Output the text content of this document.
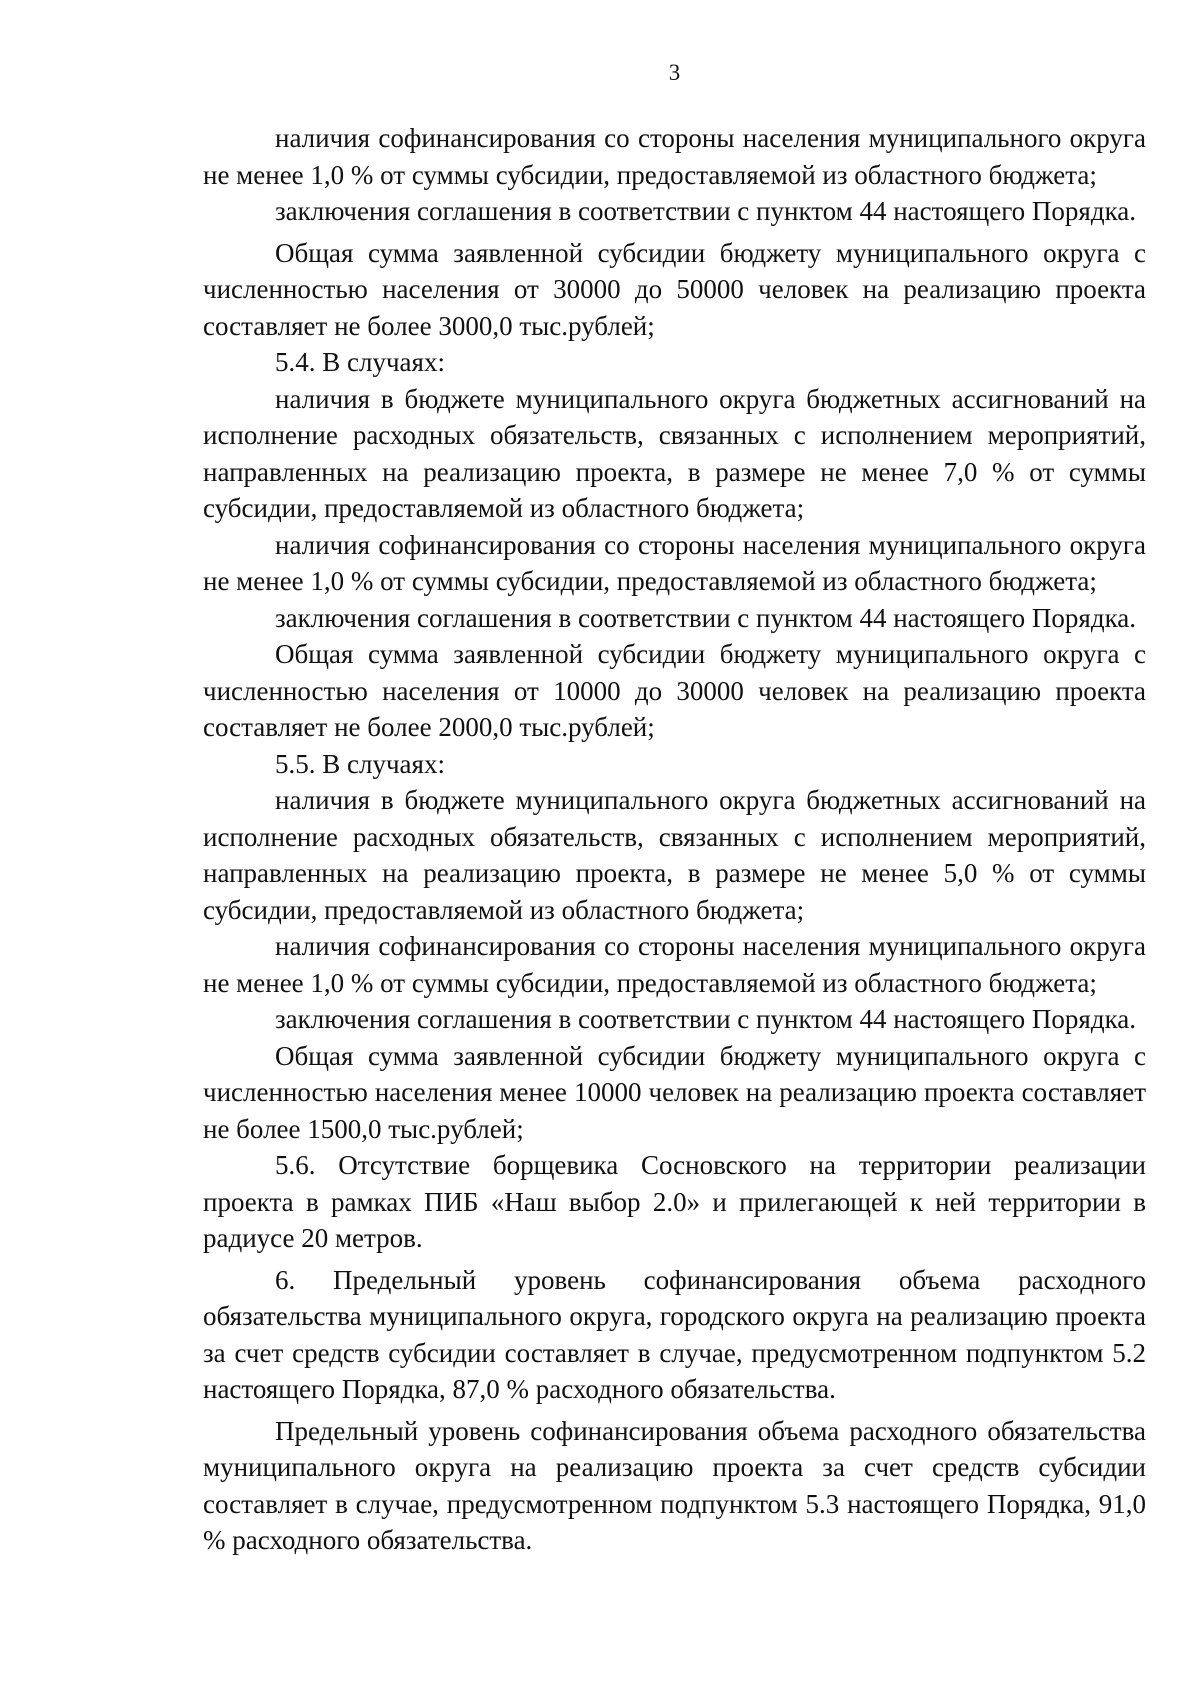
3

наличия софинансирования со стороны населения муниципального округа не менее 1,0 % от суммы субсидии, предоставляемой из областного бюджета;

заключения соглашения в соответствии с пунктом 44 настоящего Порядка.

Общая сумма заявленной субсидии бюджету муниципального округа с численностью населения от 30000 до 50000 человек на реализацию проекта составляет не более 3000,0 тыс.рублей;

5.4. В случаях:

наличия в бюджете муниципального округа бюджетных ассигнований на исполнение расходных обязательств, связанных с исполнением мероприятий, направленных на реализацию проекта, в размере не менее 7,0 % от суммы субсидии, предоставляемой из областного бюджета;

наличия софинансирования со стороны населения муниципального округа не менее 1,0 % от суммы субсидии, предоставляемой из областного бюджета;

заключения соглашения в соответствии с пунктом 44 настоящего Порядка.

Общая сумма заявленной субсидии бюджету муниципального округа с численностью населения от 10000 до 30000 человек на реализацию проекта составляет не более 2000,0 тыс.рублей;

5.5. В случаях:

наличия в бюджете муниципального округа бюджетных ассигнований на исполнение расходных обязательств, связанных с исполнением мероприятий, направленных на реализацию проекта, в размере не менее 5,0 % от суммы субсидии, предоставляемой из областного бюджета;

наличия софинансирования со стороны населения муниципального округа не менее 1,0 % от суммы субсидии, предоставляемой из областного бюджета;

заключения соглашения в соответствии с пунктом 44 настоящего Порядка.

Общая сумма заявленной субсидии бюджету муниципального округа с численностью населения менее 10000 человек на реализацию проекта составляет не более 1500,0 тыс.рублей;

5.6. Отсутствие борщевика Сосновского на территории реализации проекта в рамках ПИБ «Наш выбор 2.0» и прилегающей к ней территории в радиусе 20 метров.

6. Предельный уровень софинансирования объема расходного обязательства муниципального округа, городского округа на реализацию проекта за счет средств субсидии составляет в случае, предусмотренном подпунктом 5.2 настоящего Порядка, 87,0 % расходного обязательства.

Предельный уровень софинансирования объема расходного обязательства муниципального округа на реализацию проекта за счет средств субсидии составляет в случае, предусмотренном подпунктом 5.3 настоящего Порядка, 91,0 % расходного обязательства.
